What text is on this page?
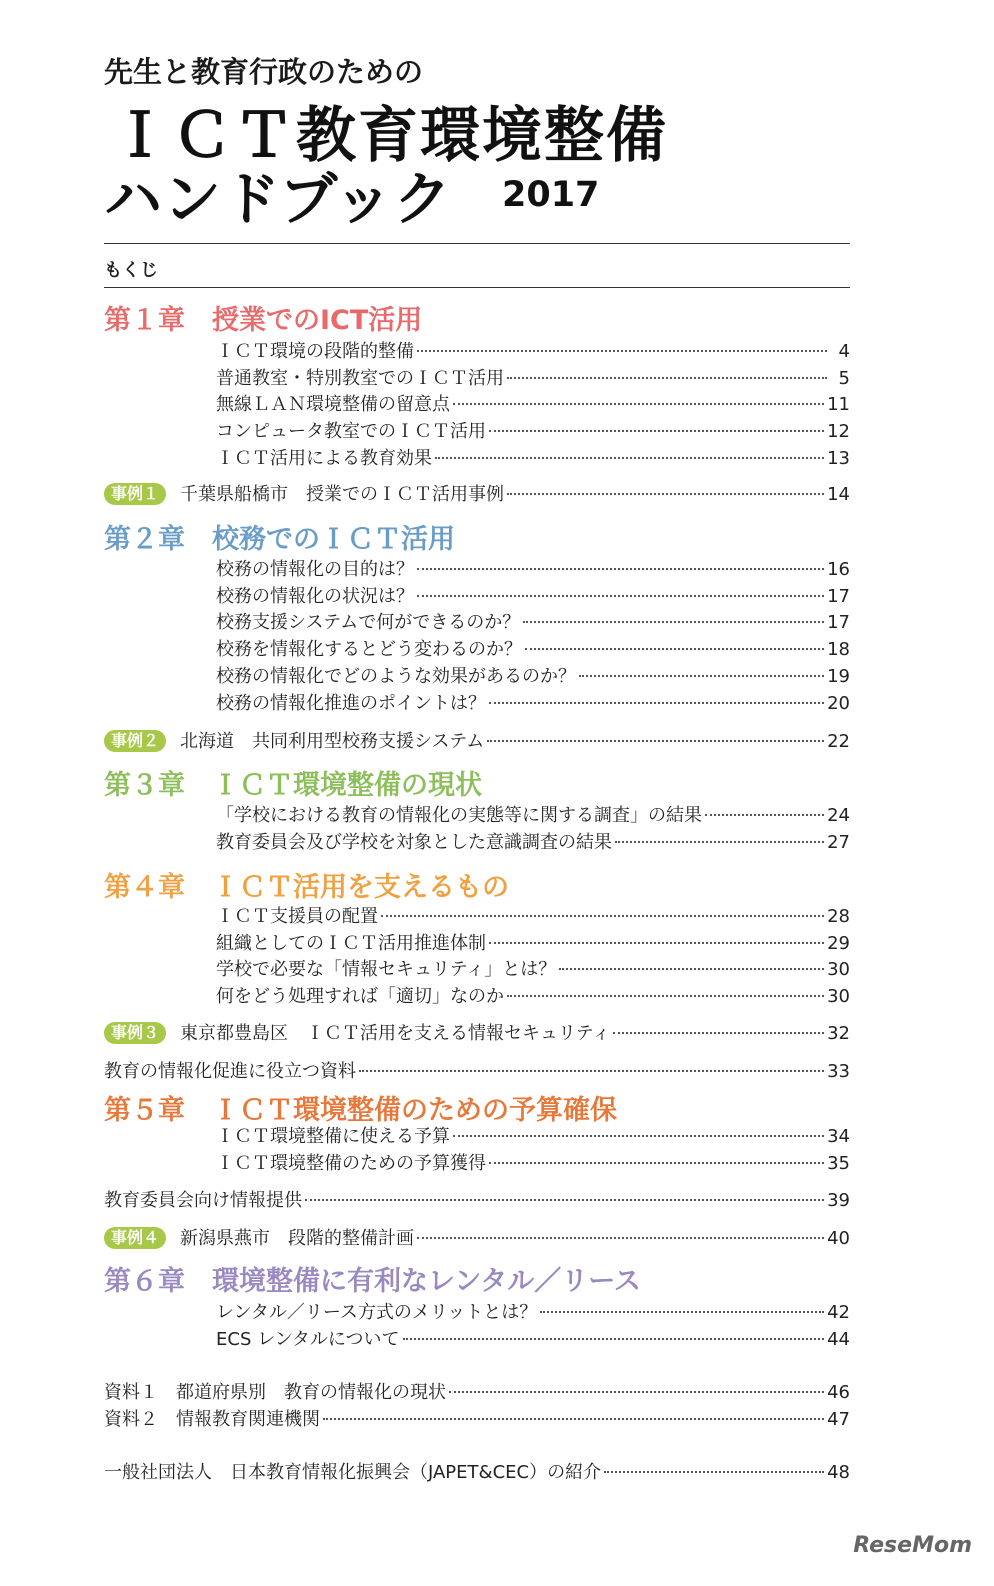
先生と教育行政のための
ＩＣＴ教育環境整備
ハンドブック 2017
もくじ
第１章 授業でのICT活用
ＩＣＴ環境の段階的整備	4
普通教室・特別教室でのＩＣＴ活用	5
無線ＬＡＮ環境整備の留意点	11
コンピュータ教室でのＩＣＴ活用	12
ＩＣＴ活用による教育効果	13
事例１	千葉県船橋市　授業でのＩＣＴ活用事例	14
第２章 校務でのＩＣＴ活用
校務の情報化の目的は？	16
校務の情報化の状況は？	17
校務支援システムで何ができるのか？	17
校務を情報化するとどう変わるのか？	18
校務の情報化でどのような効果があるのか？	19
校務の情報化推進のポイントは？	20
事例２	北海道　共同利用型校務支援システム	22
第３章 ＩＣＴ環境整備の現状
「学校における教育の情報化の実態等に関する調査」の結果	24
教育委員会及び学校を対象とした意識調査の結果	27
第４章 ＩＣＴ活用を支えるもの
ＩＣＴ支援員の配置	28
組織としてのＩＣＴ活用推進体制	29
学校で必要な「情報セキュリティ」とは？	30
何をどう処理すれば「適切」なのか	30
事例３	東京都豊島区　ＩＣＴ活用を支える情報セキュリティ	32
教育の情報化促進に役立つ資料	33
第５章 ＩＣＴ環境整備のための予算確保
ＩＣＴ環境整備に使える予算	34
ＩＣＴ環境整備のための予算獲得	35
教育委員会向け情報提供	39
事例４	新潟県燕市　段階的整備計画	40
第６章 環境整備に有利なレンタル／リース
レンタル／リース方式のメリットとは？	42
ECS レンタルについて	44
資料１　都道府県別　教育の情報化の現状	46
資料２　情報教育関連機関	47
一般社団法人　日本教育情報化振興会（JAPET&CEC）の紹介	48
ReseMom
